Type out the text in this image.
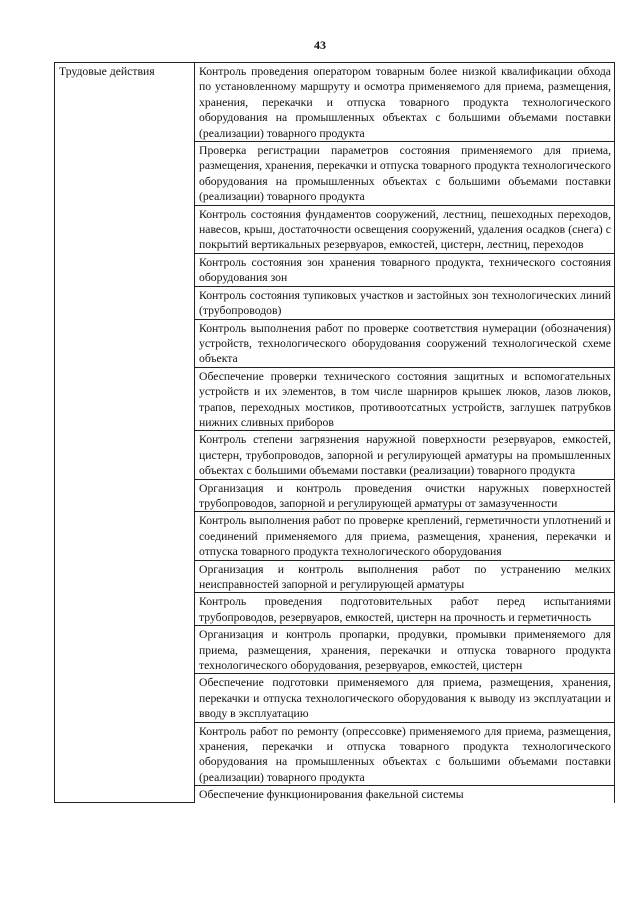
43
Трудовые действия	Контроль проведения оператором товарным более низкой квалификации обхода по установленному маршруту и осмотра применяемого для приема, размещения, хранения, перекачки и отпуска товарного продукта технологического оборудования на промышленных объектах с большими объемами поставки (реализации) товарного продукта
Проверка регистрации параметров состояния применяемого для приема, размещения, хранения, перекачки и отпуска товарного продукта технологического оборудования на промышленных объектах с большими объемами поставки (реализации) товарного продукта
Контроль состояния фундаментов сооружений, лестниц, пешеходных переходов, навесов, крыш, достаточности освещения сооружений, удаления осадков (снега) с покрытий вертикальных резервуаров, емкостей, цистерн, лестниц, переходов
Контроль состояния зон хранения товарного продукта, технического состояния оборудования зон
Контроль состояния тупиковых участков и застойных зон технологических линий (трубопроводов)
Контроль выполнения работ по проверке соответствия нумерации (обозначения) устройств, технологического оборудования сооружений технологической схеме объекта
Обеспечение проверки технического состояния защитных и вспомогательных устройств и их элементов, в том числе шарниров крышек люков, лазов люков, трапов, переходных мостиков, противоотсатных устройств, заглушек патрубков нижних сливных приборов
Контроль степени загрязнения наружной поверхности резервуаров, емкостей, цистерн, трубопроводов, запорной и регулирующей арматуры на промышленных объектах с большими объемами поставки (реализации) товарного продукта
Организация и контроль проведения очистки наружных поверхностей трубопроводов, запорной и регулирующей арматуры от замазученности
Контроль выполнения работ по проверке креплений, герметичности уплотнений и соединений применяемого для приема, размещения, хранения, перекачки и отпуска товарного продукта технологического оборудования
Организация и контроль выполнения работ по устранению мелких неисправностей запорной и регулирующей арматуры
Контроль проведения подготовительных работ перед испытаниями трубопроводов, резервуаров, емкостей, цистерн на прочность и герметичность
Организация и контроль пропарки, продувки, промывки применяемого для приема, размещения, хранения, перекачки и отпуска товарного продукта технологического оборудования, резервуаров, емкостей, цистерн
Обеспечение подготовки применяемого для приема, размещения, хранения, перекачки и отпуска технологического оборудования к выводу из эксплуатации и вводу в эксплуатацию
Контроль работ по ремонту (опрессовке) применяемого для приема, размещения, хранения, перекачки и отпуска товарного продукта технологического оборудования на промышленных объектах с большими объемами поставки (реализации) товарного продукта
Обеспечение функционирования факельной системы
